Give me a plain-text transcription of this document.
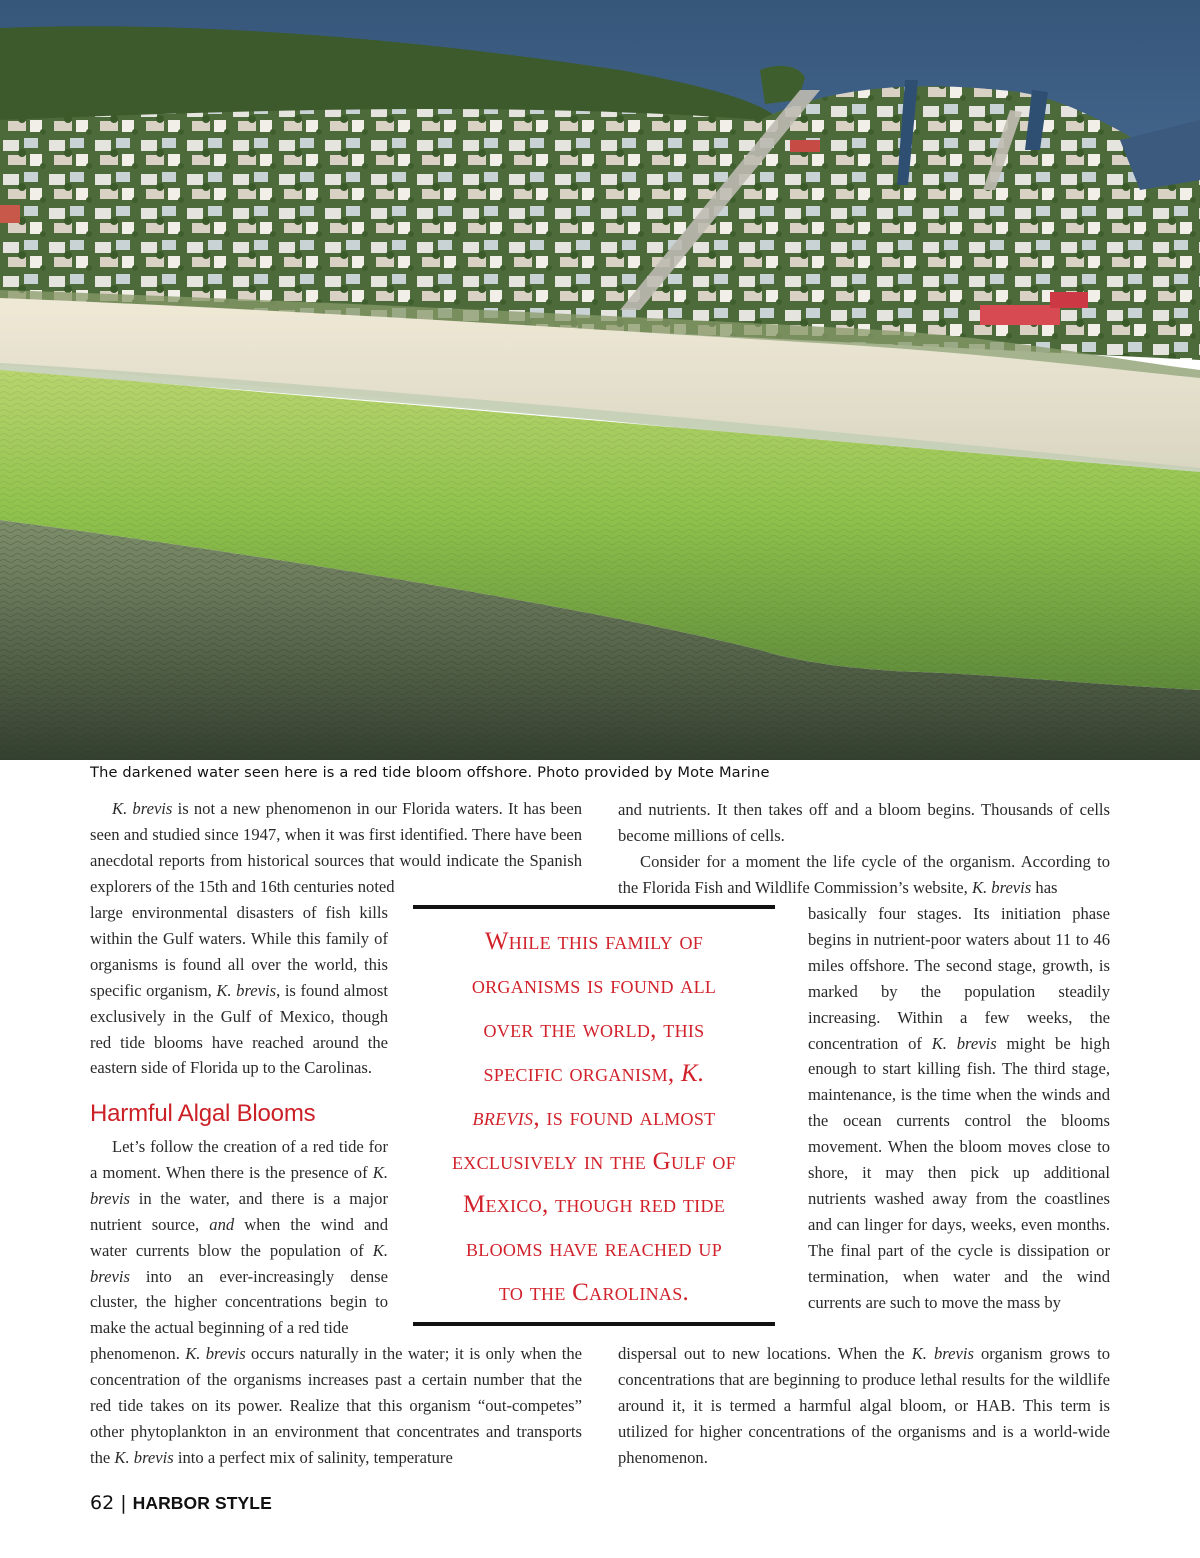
The darkened water seen here is a red tide bloom offshore. Photo provided by Mote Marine

K. brevis is not a new phenomenon in our Florida waters. It has been seen and studied since 1947, when it was first identified. There have been anecdotal reports from historical sources that would indicate the Spanish explorers of the 15th and 16th centuries noted

large environmental disasters of fish kills within the Gulf waters. While this family of organisms is found all over the world, this specific organism, K. brevis, is found almost exclusively in the Gulf of Mexico, though red tide blooms have reached around the eastern side of Florida up to the Carolinas.

Harmful Algal Blooms

Let’s follow the creation of a red tide for a moment. When there is the presence of K. brevis in the water, and there is a major nutrient source, and when the wind and water currents blow the population of K. brevis into an ever-increasingly dense cluster, the higher concentrations begin to make the actual beginning of a red tide

phenomenon. K. brevis occurs naturally in the water; it is only when the concentration of the organisms increases past a certain number that the red tide takes on its power. Realize that this organism “out-competes” other phytoplankton in an environment that concentrates and transports the K. brevis into a perfect mix of salinity, temperature

and nutrients. It then takes off and a bloom begins. Thousands of cells become millions of cells.

Consider for a moment the life cycle of the organism. According to the Florida Fish and Wildlife Commission’s website, K. brevis has

basically four stages. Its initiation phase begins in nutrient-poor waters about 11 to 46 miles offshore. The second stage, growth, is marked by the population steadily increasing. Within a few weeks, the concentration of K. brevis might be high enough to start killing fish. The third stage, maintenance, is the time when the winds and the ocean currents control the blooms movement. When the bloom moves close to shore, it may then pick up additional nutrients washed away from the coastlines and can linger for days, weeks, even months. The final part of the cycle is dissipation or termination, when water and the wind currents are such to move the mass by

dispersal out to new locations. When the K. brevis organism grows to concentrations that are beginning to produce lethal results for the wildlife around it, it is termed a harmful algal bloom, or HAB. This term is utilized for higher concentrations of the organisms and is a world-wide phenomenon.

While this family of
organisms is found all
over the world, this
specific organism, K.
brevis, is found almost
exclusively in the Gulf of
Mexico, though red tide
blooms have reached up
to the Carolinas.
62 | HARBOR STYLE
